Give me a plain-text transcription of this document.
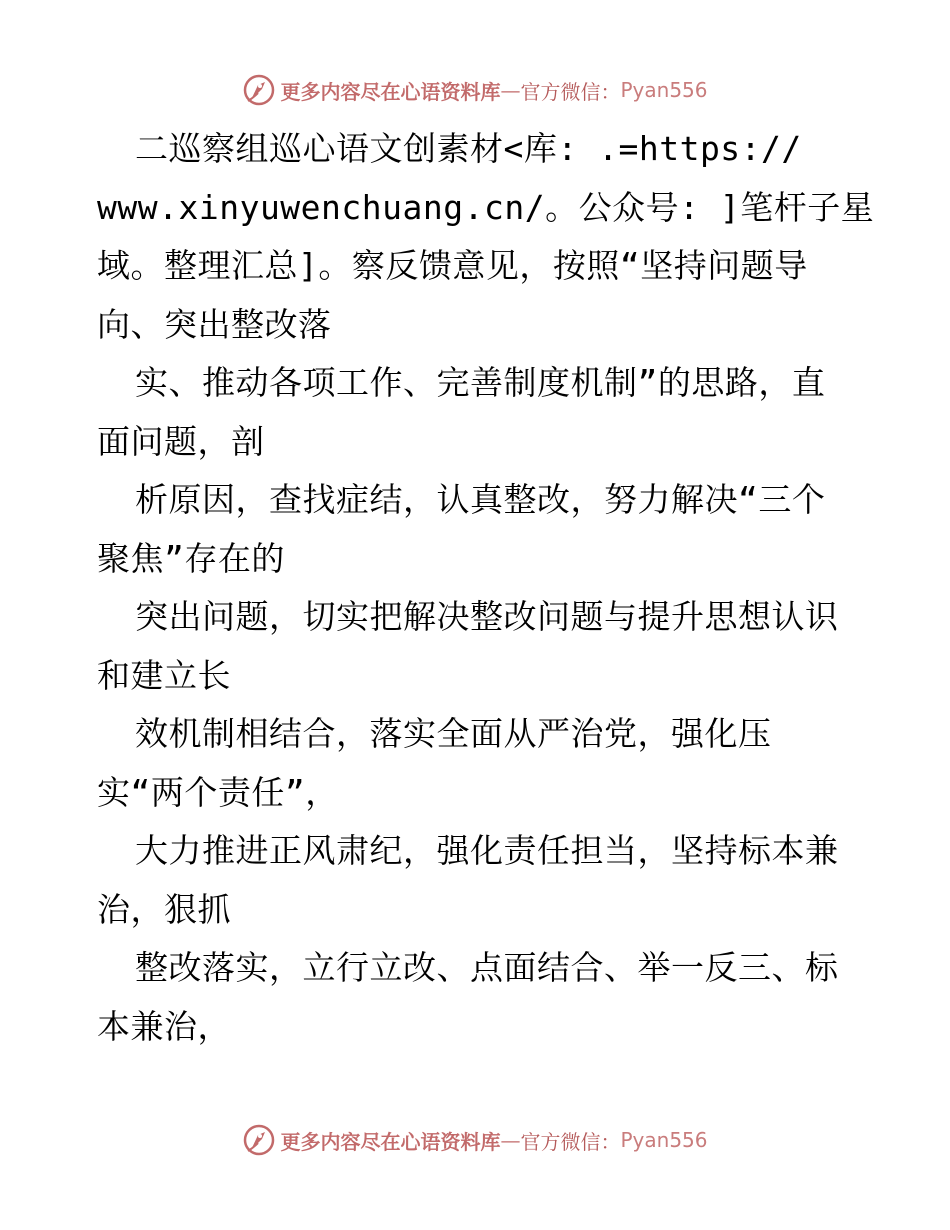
更多内容尽在心语资料库 — 官方微信： Pyan556
二巡察组巡心语文创素材<库: .=https://
www.xinyuwenchuang.cn/。公众号: ]笔杆子星
域。整理汇总]。察反馈意见，按照“坚持问题导
向、突出整改落
实、推动各项工作、完善制度机制”的思路，直
面问题，剖
析原因，查找症结，认真整改，努力解决“三个
聚焦”存在的
突出问题，切实把解决整改问题与提升思想认识
和建立长
效机制相结合，落实全面从严治党，强化压
实“两个责任”，
大力推进正风肃纪，强化责任担当，坚持标本兼
治，狠抓
整改落实，立行立改、点面结合、举一反三、标
本兼治，
更多内容尽在心语资料库 — 官方微信： Pyan556
